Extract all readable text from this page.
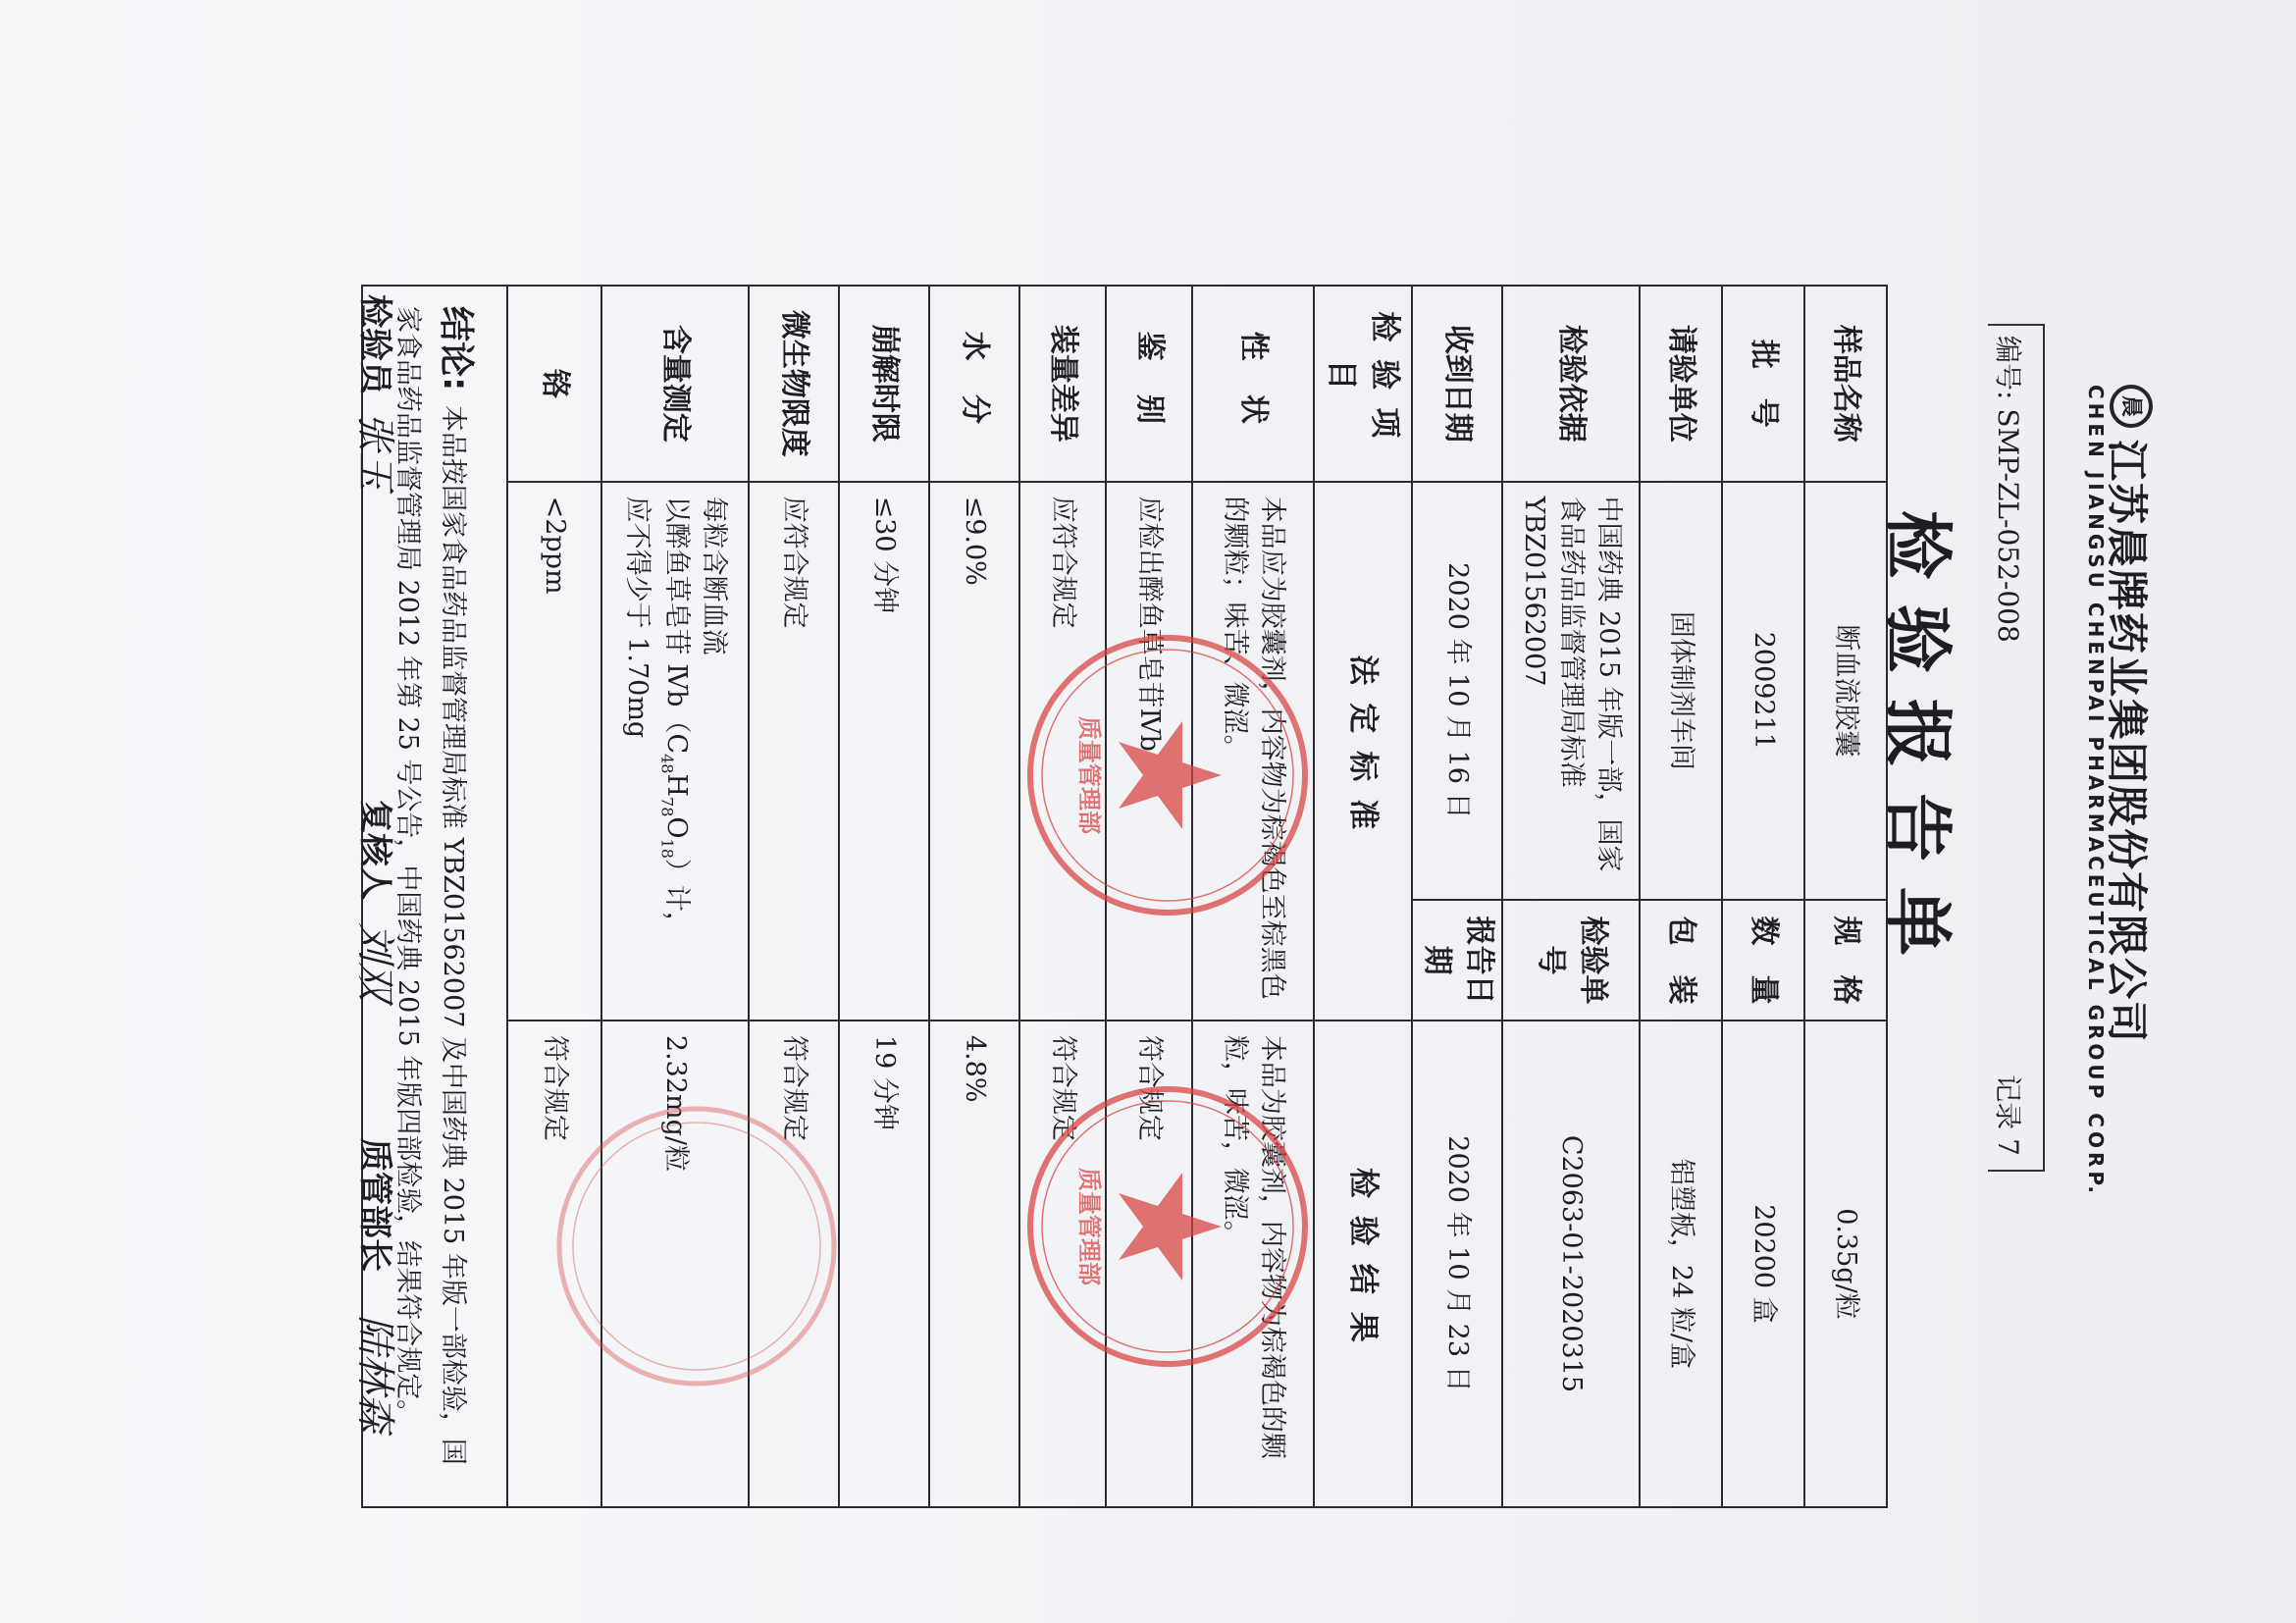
晨
江苏晨牌药业集团股份有限公司
CHEN JIANGSU CHENPAI PHARMACEUTICAL GROUP CORP.
编号: SMP-ZL-052-008
记录 7
检验报告单
样品名称	断血流胶囊	规　格	0.35g/粒
批　号	2009211	数　量	20200 盒
请验单位	固体制剂车间	包　装	铝塑板，24 粒/盒
检验依据	中国药典 2015 年版一部，国家食品药品监督管理局标准 YBZ01562007	检验单号	C2063-01-2020315
收到日期	2020 年 10 月 16 日	报告日期	2020 年 10 月 23 日
检验项目	法定标准		检验结果
性 状	本品应为胶囊剂，内容物为棕褐色至棕黑色的颗粒；味苦、微涩。		本品为胶囊剂，内容物为棕褐色的颗粒，味苦，微涩。
鉴 别	应检出醉鱼草皂苷Ⅳb		符合规定
装量差异	应符合规定		符合规定
水 分	≤9.0%		4.8%
崩解时限	≤30 分钟		19 分钟
微生物限度	应符合规定		符合规定
含量测定	每粒含断血流
以醉鱼草皂苷 $Ⅳb(C_{48}H_{78}O_{18})$计，
应不得少于 1.70mg		2.32mg/粒
铬	<2ppm		符合规定
结论: 本品按国家食品药品监督管理局标准 YBZ01562007 及中国药典 2015 年版一部检验，国家食品药品监督管理局 2012 年第 25 号公告，中国药典 2015 年版四部检验，结果符合规定。			
检验员
张玉
复核人
刘双
质管部长
陆林森
质量管理部
质量管理部
